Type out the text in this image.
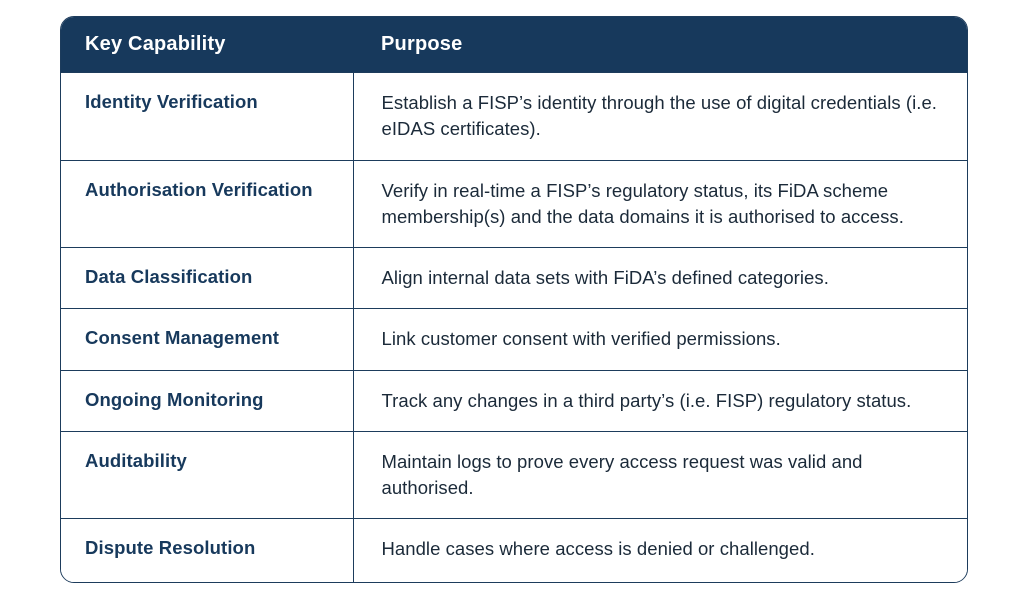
Key Capability	Purpose
Identity Verification	Establish a FISP’s identity through the use of digital credentials (i.e. eIDAS certificates).
Authorisation Verification	Verify in real-time a FISP’s regulatory status, its FiDA scheme membership(s) and the data domains it is authorised to access.
Data Classification	Align internal data sets with FiDA’s defined categories.
Consent Management	Link customer consent with verified permissions.
Ongoing Monitoring	Track any changes in a third party’s (i.e. FISP) regulatory status.
Auditability	Maintain logs to prove every access request was valid and authorised.
Dispute Resolution	Handle cases where access is denied or challenged.
